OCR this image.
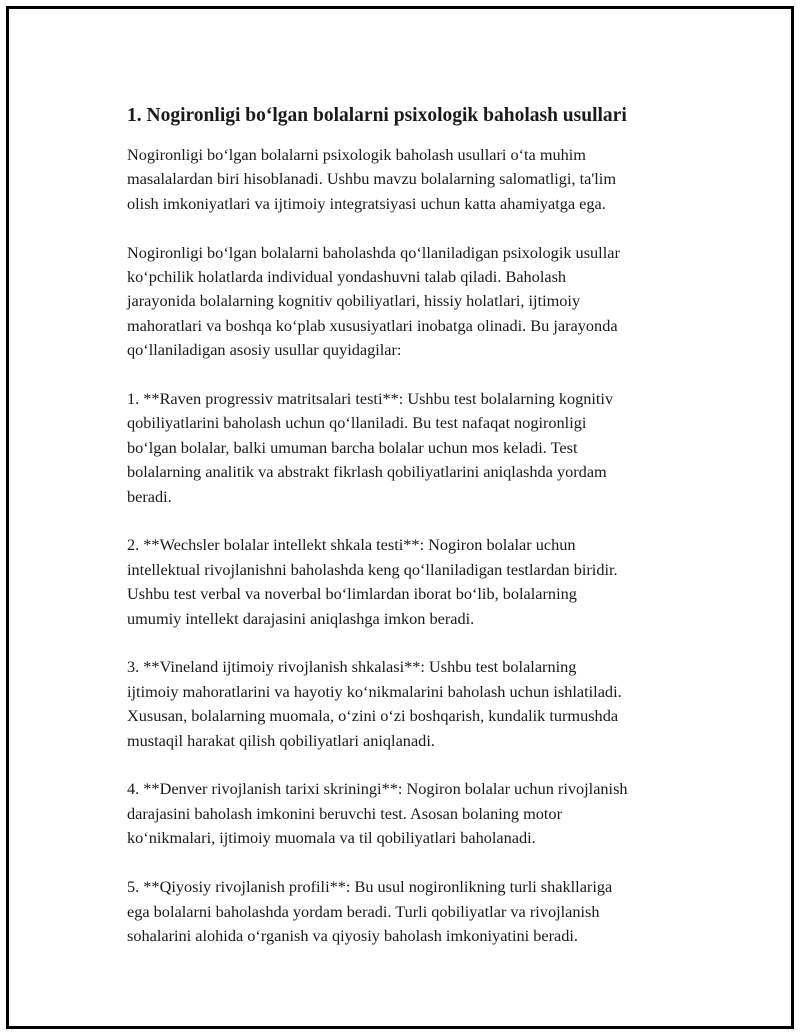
1. Nogironligi bo‘lgan bolalarni psixologik baholash usullari

Nogironligi bo‘lgan bolalarni psixologik baholash usullari o‘ta muhim
masalalardan biri hisoblanadi. Ushbu mavzu bolalarning salomatligi, ta'lim
olish imkoniyatlari va ijtimoiy integratsiyasi uchun katta ahamiyatga ega.

Nogironligi bo‘lgan bolalarni baholashda qo‘llaniladigan psixologik usullar
ko‘pchilik holatlarda individual yondashuvni talab qiladi. Baholash
jarayonida bolalarning kognitiv qobiliyatlari, hissiy holatlari, ijtimoiy
mahoratlari va boshqa ko‘plab xususiyatlari inobatga olinadi. Bu jarayonda
qo‘llaniladigan asosiy usullar quyidagilar:

1. **Raven progressiv matritsalari testi**: Ushbu test bolalarning kognitiv
qobiliyatlarini baholash uchun qo‘llaniladi. Bu test nafaqat nogironligi
bo‘lgan bolalar, balki umuman barcha bolalar uchun mos keladi. Test
bolalarning analitik va abstrakt fikrlash qobiliyatlarini aniqlashda yordam
beradi.

2. **Wechsler bolalar intellekt shkala testi**: Nogiron bolalar uchun
intellektual rivojlanishni baholashda keng qo‘llaniladigan testlardan biridir.
Ushbu test verbal va noverbal bo‘limlardan iborat bo‘lib, bolalarning
umumiy intellekt darajasini aniqlashga imkon beradi.

3. **Vineland ijtimoiy rivojlanish shkalasi**: Ushbu test bolalarning
ijtimoiy mahoratlarini va hayotiy ko‘nikmalarini baholash uchun ishlatiladi.
Xususan, bolalarning muomala, o‘zini o‘zi boshqarish, kundalik turmushda
mustaqil harakat qilish qobiliyatlari aniqlanadi.

4. **Denver rivojlanish tarixi skriningi**: Nogiron bolalar uchun rivojlanish
darajasini baholash imkonini beruvchi test. Asosan bolaning motor
ko‘nikmalari, ijtimoiy muomala va til qobiliyatlari baholanadi.

5. **Qiyosiy rivojlanish profili**: Bu usul nogironlikning turli shakllariga
ega bolalarni baholashda yordam beradi. Turli qobiliyatlar va rivojlanish
sohalarini alohida o‘rganish va qiyosiy baholash imkoniyatini beradi.
